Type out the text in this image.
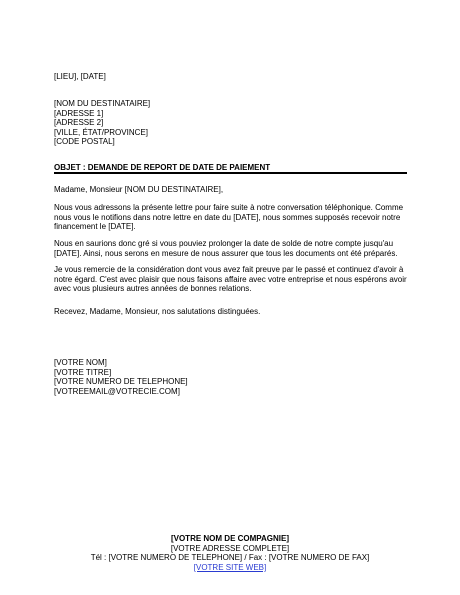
[LIEU], [DATE]
[NOM DU DESTINATAIRE]
[ADRESSE 1]
[ADRESSE 2]
[VILLE, ÉTAT/PROVINCE]
[CODE POSTAL]
OBJET : DEMANDE DE REPORT DE DATE DE PAIEMENT
Madame, Monsieur [NOM DU DESTINATAIRE],
Nous vous adressons la présente lettre pour faire suite à notre conversation téléphonique. Comme nous vous le notifions dans notre lettre en date du [DATE], nous sommes supposés recevoir notre financement le [DATE].
Nous en saurions donc gré si vous pouviez prolonger la date de solde de notre compte jusqu'au [DATE]. Ainsi, nous serons en mesure de nous assurer que tous les documents ont été préparés.
Je vous remercie de la considération dont vous avez fait preuve par le passé et continuez d'avoir à notre égard. C'est avec plaisir que nous faisons affaire avec votre entreprise et nous espérons avoir avec vous plusieurs autres années de bonnes relations.
Recevez, Madame, Monsieur, nos salutations distinguées.
[VOTRE NOM]
[VOTRE TITRE]
[VOTRE NUMERO DE TELEPHONE]
[VOTREEMAIL@VOTRECIE.COM]
[VOTRE NOM DE COMPAGNIE]
[VOTRE ADRESSE COMPLETE]
Tél : [VOTRE NUMERO DE TELEPHONE] / Fax : [VOTRE NUMERO DE FAX]
[VOTRE SITE WEB]
